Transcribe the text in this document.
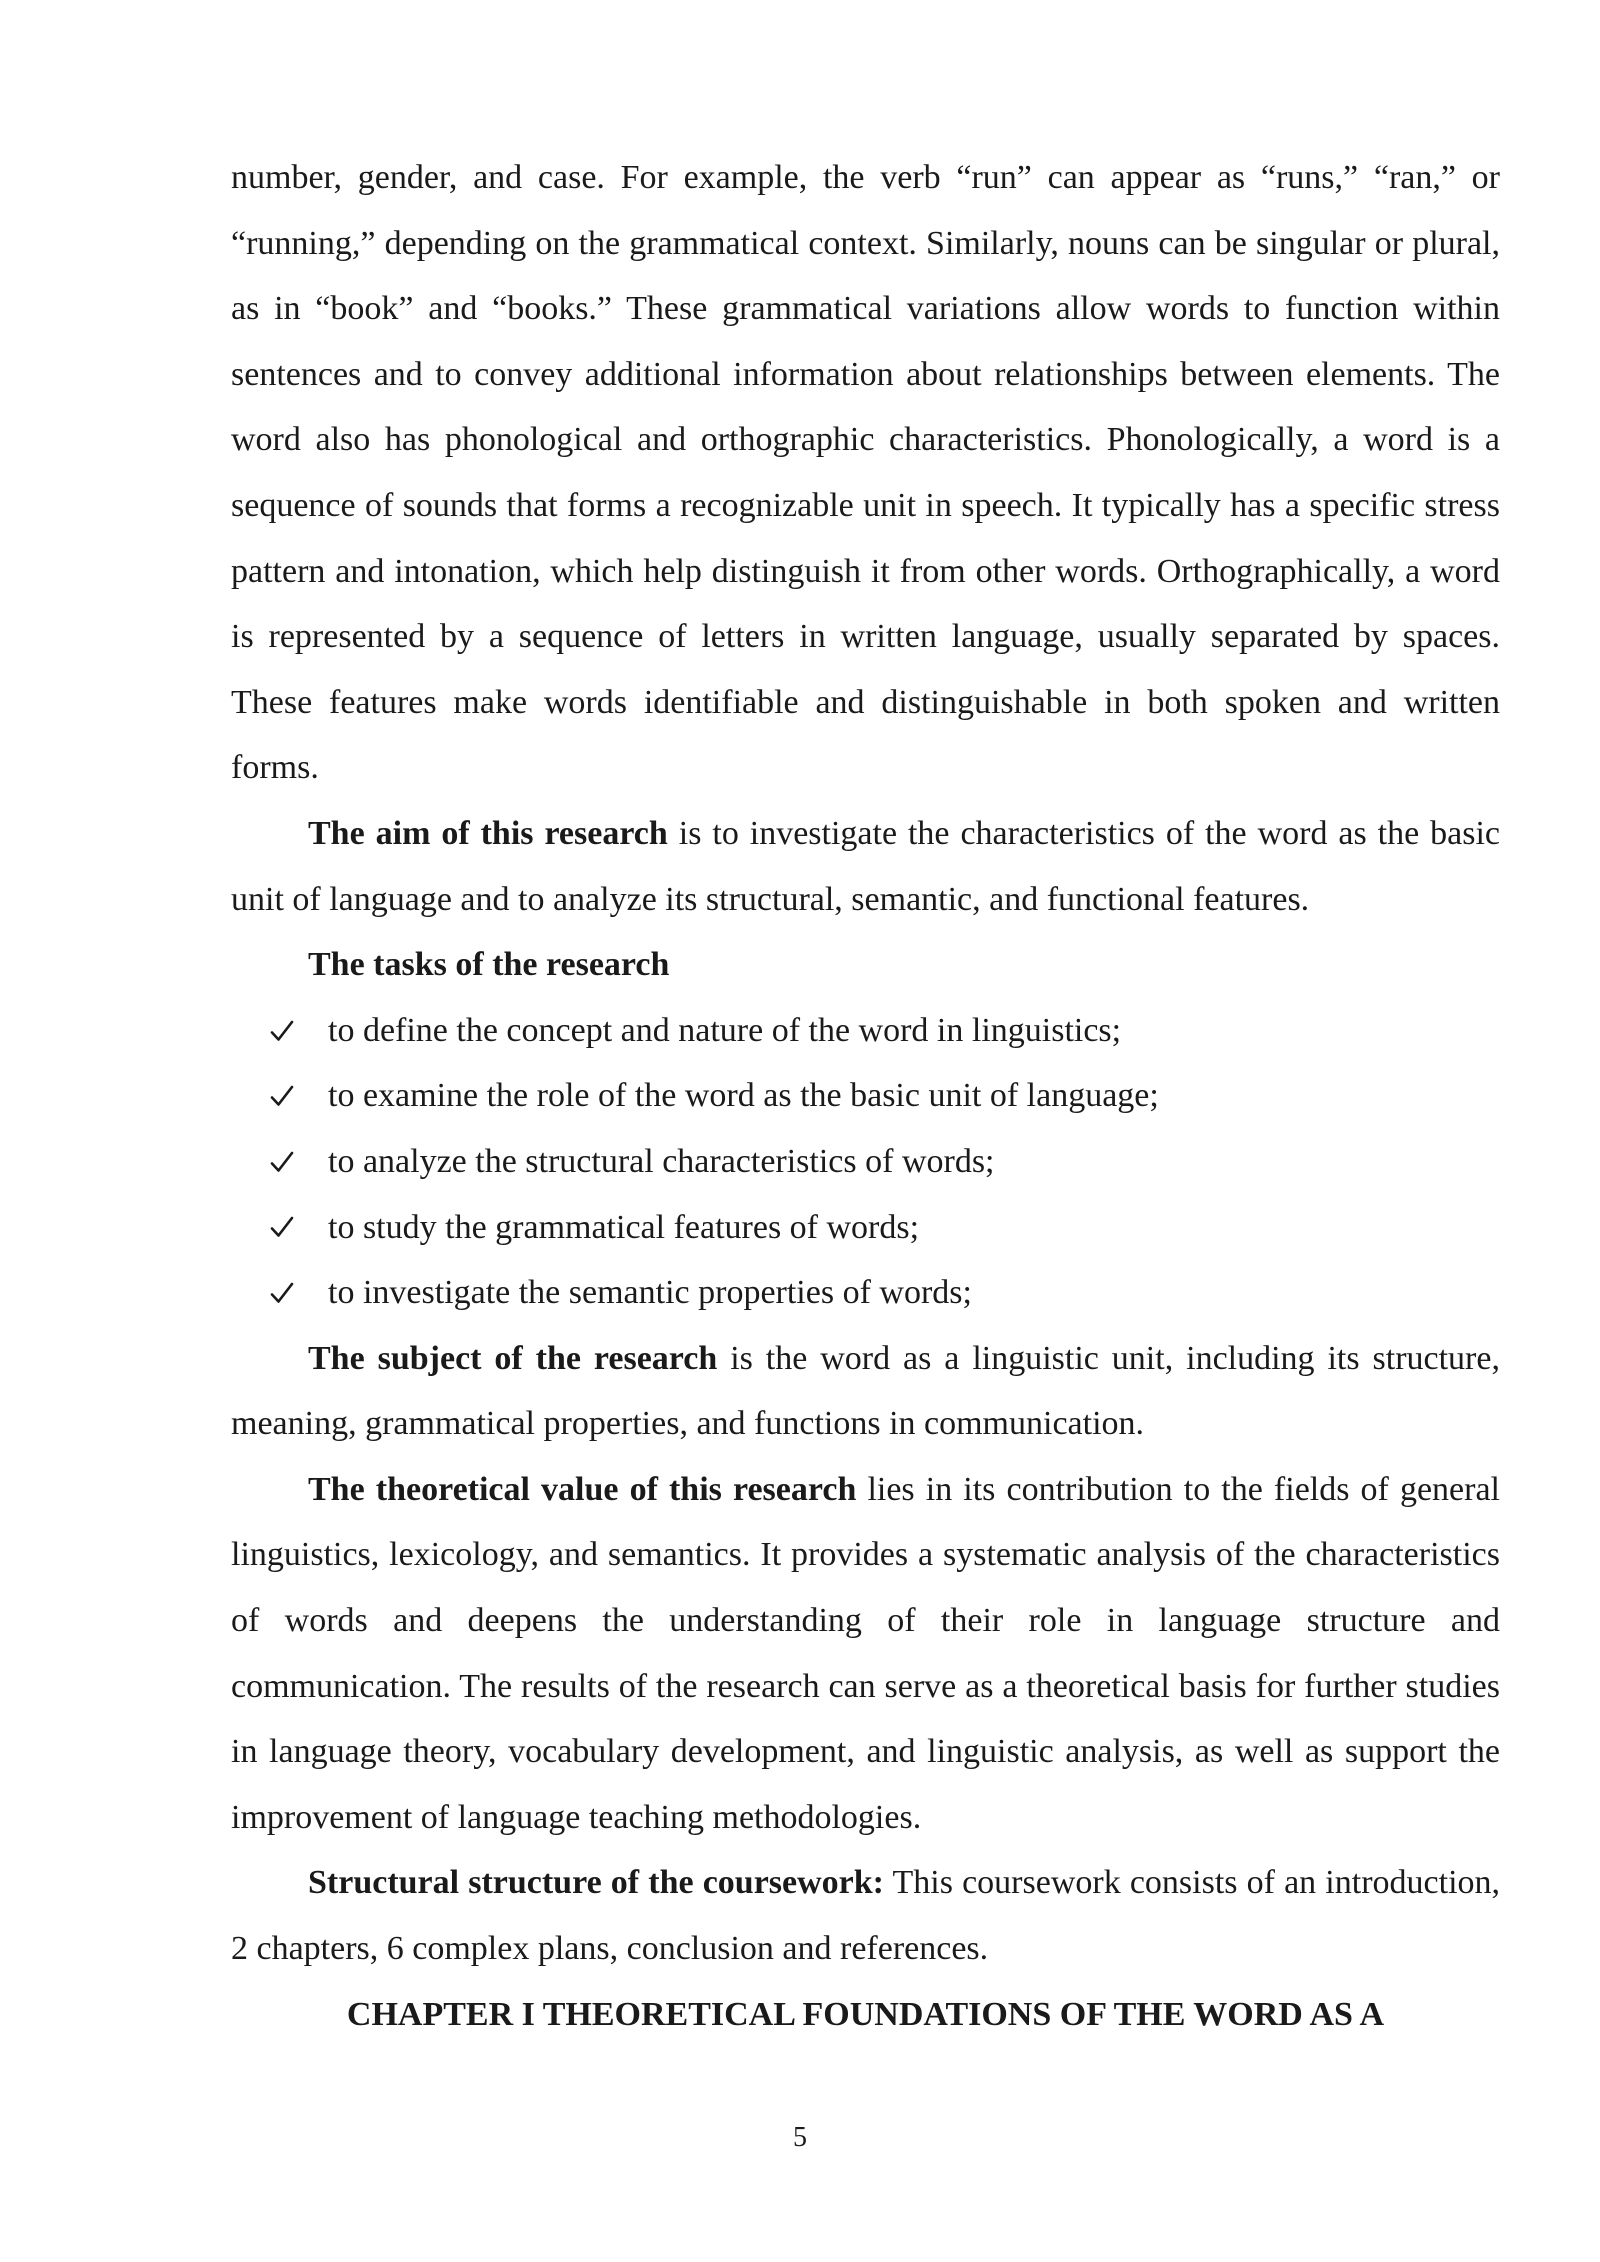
number, gender, and case. For example, the verb “run” can appear as “runs,” “ran,” or “running,” depending on the grammatical context. Similarly, nouns can be singular or plural, as in “book” and “books.” These grammatical variations allow words to function within sentences and to convey additional information about relationships between elements. The word also has phonological and orthographic characteristics. Phonologically, a word is a sequence of sounds that forms a recognizable unit in speech. It typically has a specific stress pattern and intonation, which help distinguish it from other words. Orthographically, a word is represented by a sequence of letters in written language, usually separated by spaces. These features make words identifiable and distinguishable in both spoken and written forms.

The aim of this research is to investigate the characteristics of the word as the basic unit of language and to analyze its structural, semantic, and functional features.

The tasks of the research

to define the concept and nature of the word in linguistics;
to examine the role of the word as the basic unit of language;
to analyze the structural characteristics of words;
to study the grammatical features of words;
to investigate the semantic properties of words;

The subject of the research is the word as a linguistic unit, including its structure, meaning, grammatical properties, and functions in communication.

The theoretical value of this research lies in its contribution to the fields of general linguistics, lexicology, and semantics. It provides a systematic analysis of the characteristics of words and deepens the understanding of their role in language structure and communication. The results of the research can serve as a theoretical basis for further studies in language theory, vocabulary development, and linguistic analysis, as well as support the improvement of language teaching methodologies.

Structural structure of the coursework: This coursework consists of an introduction, 2 chapters, 6 complex plans, conclusion and references.

CHAPTER I THEORETICAL FOUNDATIONS OF THE WORD AS A

5
